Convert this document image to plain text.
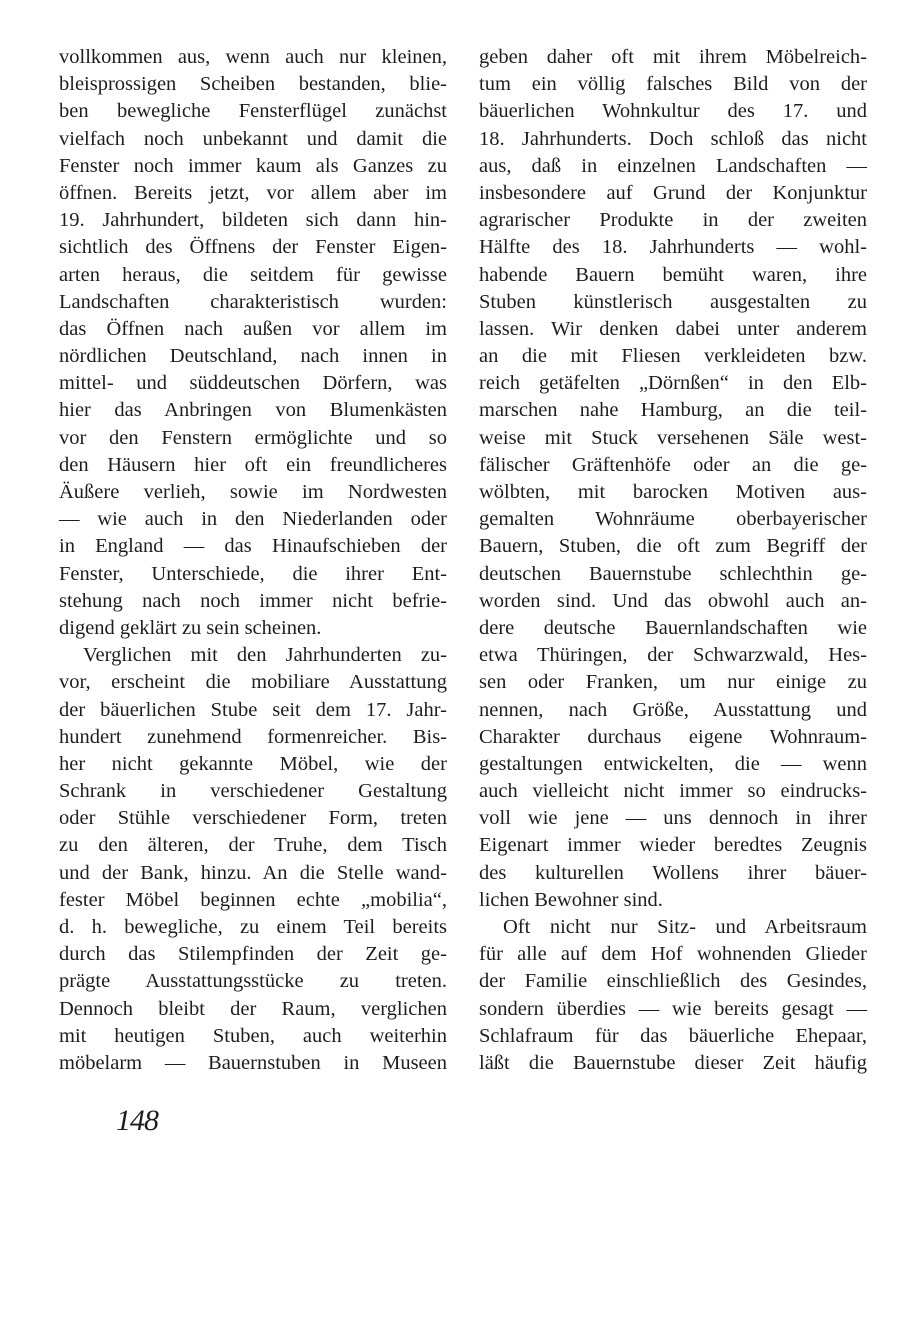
vollkommen aus, wenn auch nur kleinen,
bleisprossigen Scheiben bestanden, blie-
ben bewegliche Fensterflügel zunächst
vielfach noch unbekannt und damit die
Fenster noch immer kaum als Ganzes zu
öffnen. Bereits jetzt, vor allem aber im
19. Jahrhundert, bildeten sich dann hin-
sichtlich des Öffnens der Fenster Eigen-
arten heraus, die seitdem für gewisse
Landschaften charakteristisch wurden:
das Öffnen nach außen vor allem im
nördlichen Deutschland, nach innen in
mittel- und süddeutschen Dörfern, was
hier das Anbringen von Blumenkästen
vor den Fenstern ermöglichte und so
den Häusern hier oft ein freundlicheres
Äußere verlieh, sowie im Nordwesten
— wie auch in den Niederlanden oder
in England — das Hinaufschieben der
Fenster, Unterschiede, die ihrer Ent-
stehung nach noch immer nicht befrie-
digend geklärt zu sein scheinen.
Verglichen mit den Jahrhunderten zu-
vor, erscheint die mobiliare Ausstattung
der bäuerlichen Stube seit dem 17. Jahr-
hundert zunehmend formenreicher. Bis-
her nicht gekannte Möbel, wie der
Schrank in verschiedener Gestaltung
oder Stühle verschiedener Form, treten
zu den älteren, der Truhe, dem Tisch
und der Bank, hinzu. An die Stelle wand-
fester Möbel beginnen echte „mobilia“,
d. h. bewegliche, zu einem Teil bereits
durch das Stilempfinden der Zeit ge-
prägte Ausstattungsstücke zu treten.
Dennoch bleibt der Raum, verglichen
mit heutigen Stuben, auch weiterhin
möbelarm — Bauernstuben in Museen
geben daher oft mit ihrem Möbelreich-
tum ein völlig falsches Bild von der
bäuerlichen Wohnkultur des 17. und
18. Jahrhunderts. Doch schloß das nicht
aus, daß in einzelnen Landschaften —
insbesondere auf Grund der Konjunktur
agrarischer Produkte in der zweiten
Hälfte des 18. Jahrhunderts — wohl-
habende Bauern bemüht waren, ihre
Stuben künstlerisch ausgestalten zu
lassen. Wir denken dabei unter anderem
an die mit Fliesen verkleideten bzw.
reich getäfelten „Dörnßen“ in den Elb-
marschen nahe Hamburg, an die teil-
weise mit Stuck versehenen Säle west-
fälischer Gräftenhöfe oder an die ge-
wölbten, mit barocken Motiven aus-
gemalten Wohnräume oberbayerischer
Bauern, Stuben, die oft zum Begriff der
deutschen Bauernstube schlechthin ge-
worden sind. Und das obwohl auch an-
dere deutsche Bauernlandschaften wie
etwa Thüringen, der Schwarzwald, Hes-
sen oder Franken, um nur einige zu
nennen, nach Größe, Ausstattung und
Charakter durchaus eigene Wohnraum-
gestaltungen entwickelten, die — wenn
auch vielleicht nicht immer so eindrucks-
voll wie jene — uns dennoch in ihrer
Eigenart immer wieder beredtes Zeugnis
des kulturellen Wollens ihrer bäuer-
lichen Bewohner sind.
Oft nicht nur Sitz- und Arbeitsraum
für alle auf dem Hof wohnenden Glieder
der Familie einschließlich des Gesindes,
sondern überdies — wie bereits gesagt —
Schlafraum für das bäuerliche Ehepaar,
läßt die Bauernstube dieser Zeit häufig
148
